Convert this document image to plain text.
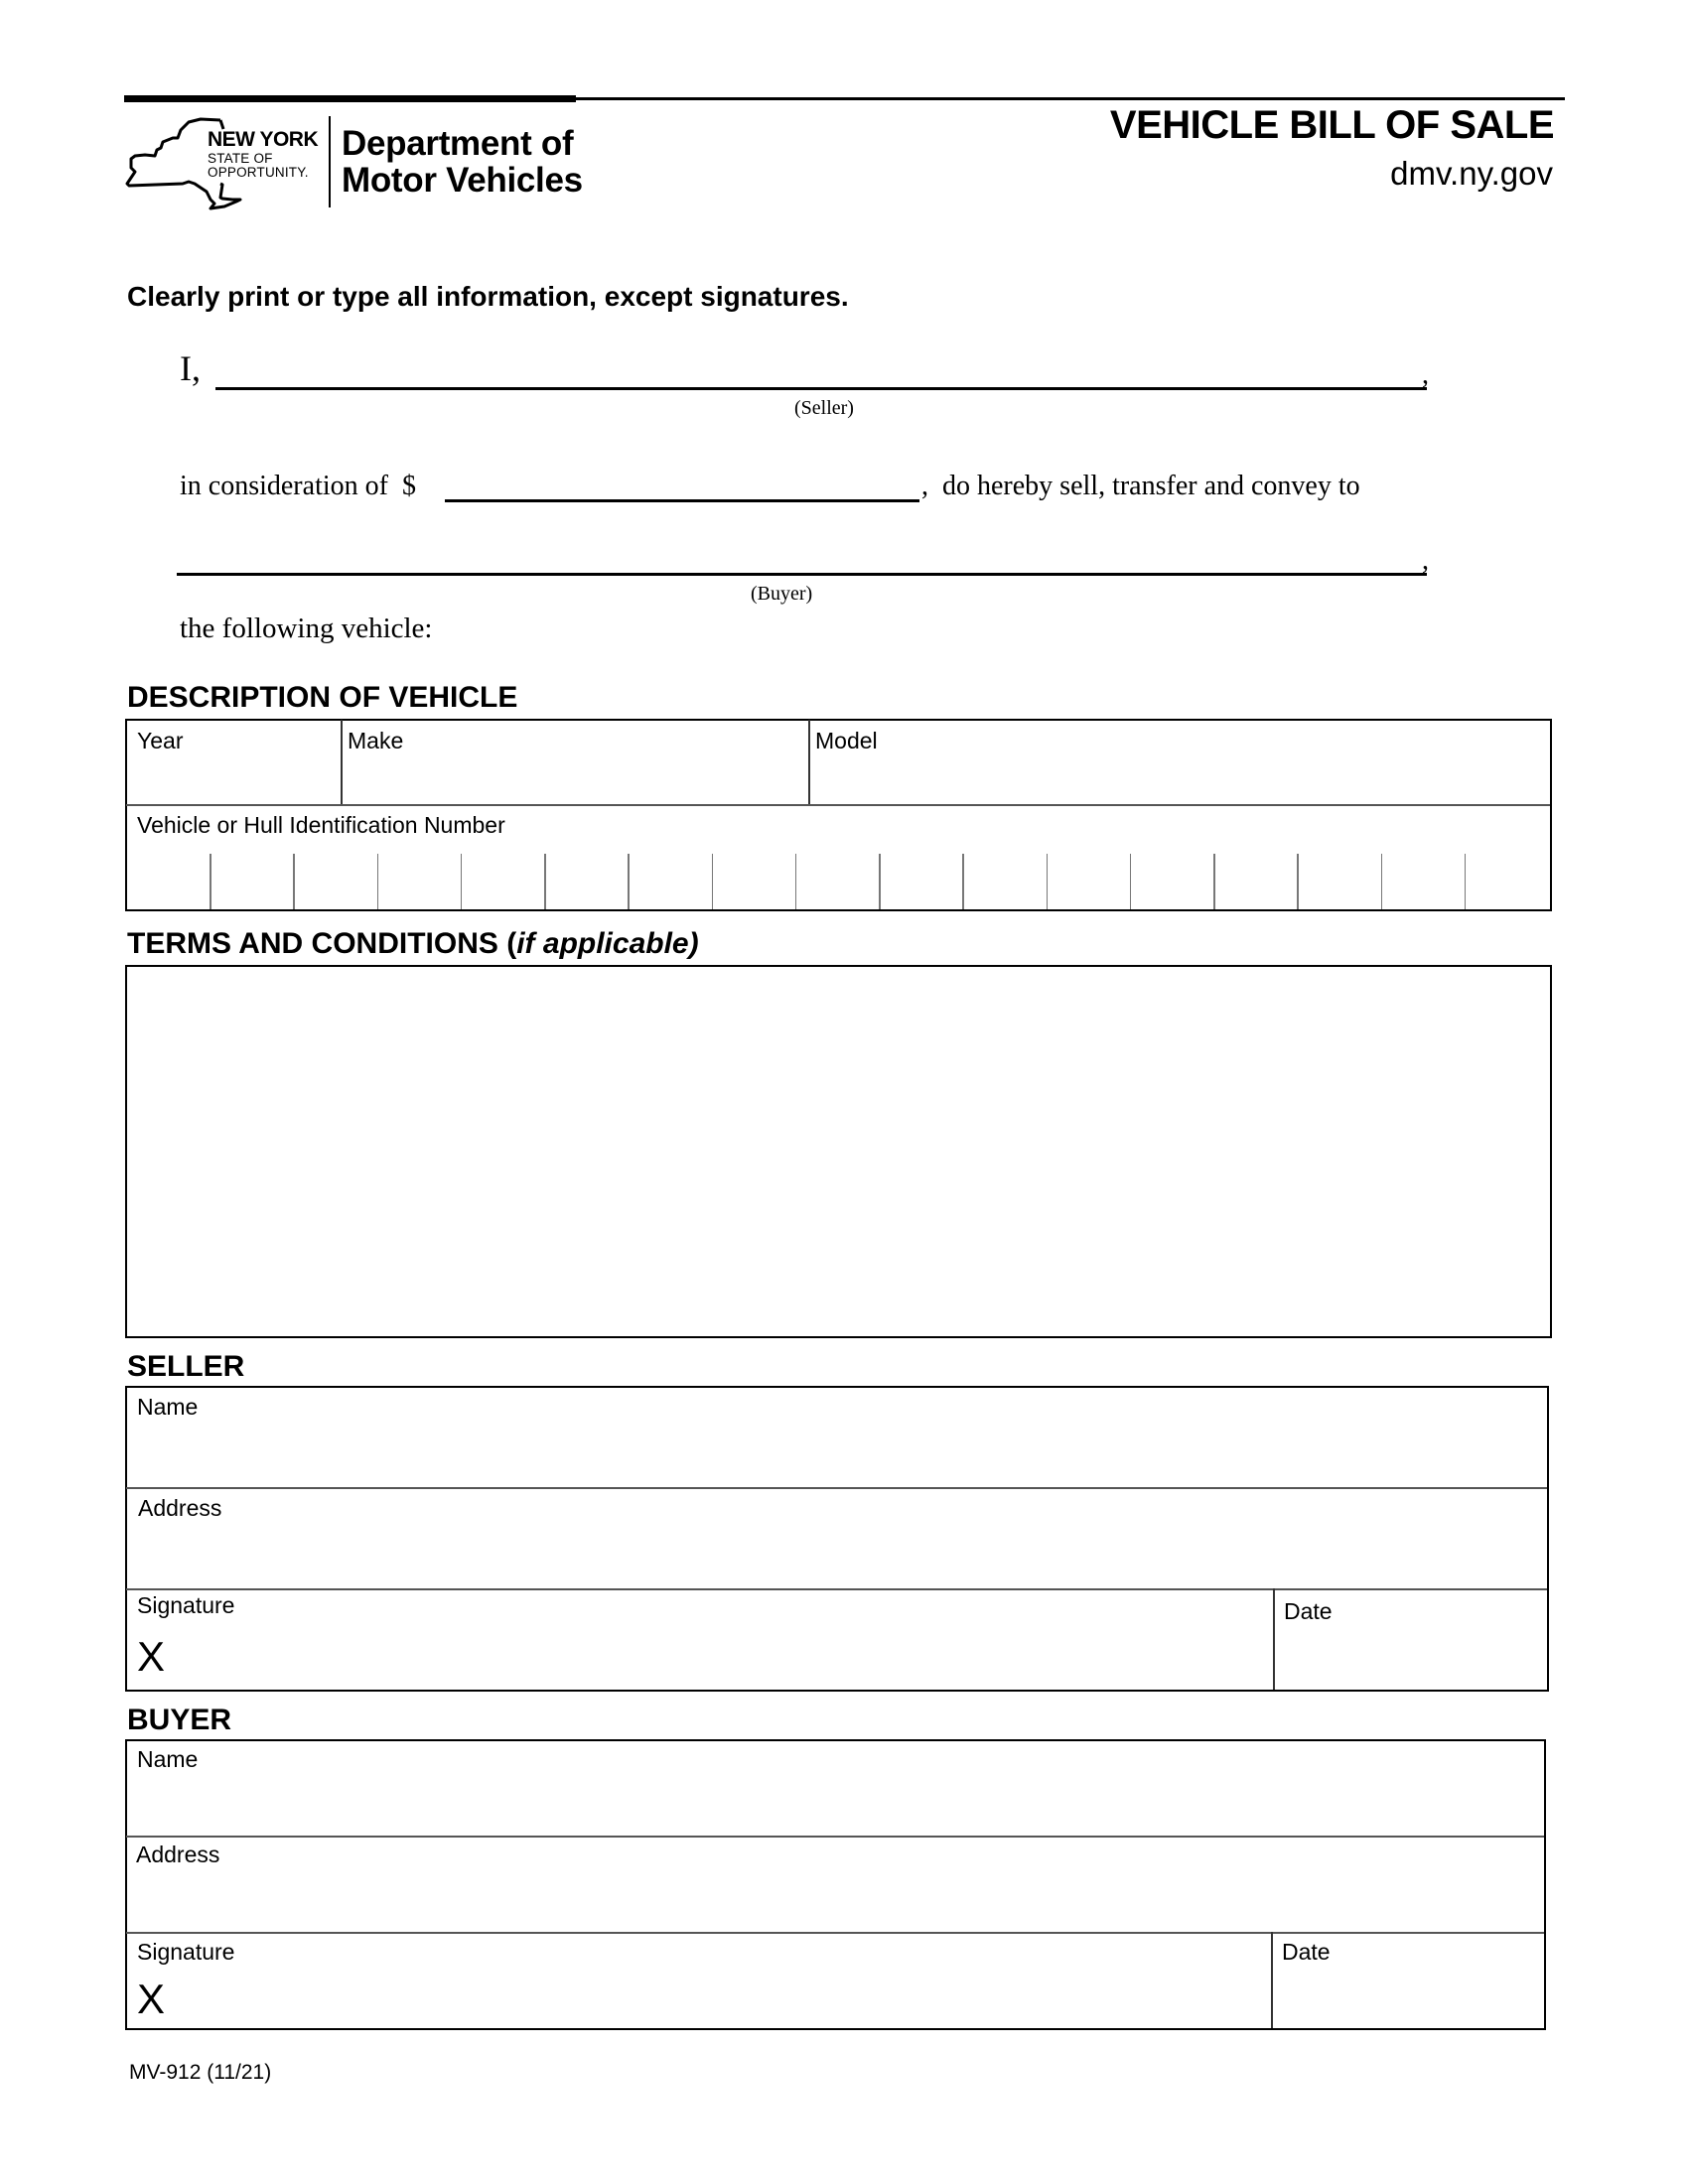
NEW YORK
STATE OF
OPPORTUNITY.
Department of
Motor Vehicles
VEHICLE BILL OF SALE
dmv.ny.gov
Clearly print or type all information, except signatures.
I,	,
(Seller)
in consideration of  $	,  do hereby sell, transfer and convey to
,
(Buyer)
the following vehicle:
DESCRIPTION OF VEHICLE
Year	Make	Model
Vehicle or Hull Identification Number
TERMS AND CONDITIONS (if applicable)
SELLER
Name
Address
Signature
X
Date
BUYER
Name
Address
Signature
X
Date
MV-912 (11/21)
